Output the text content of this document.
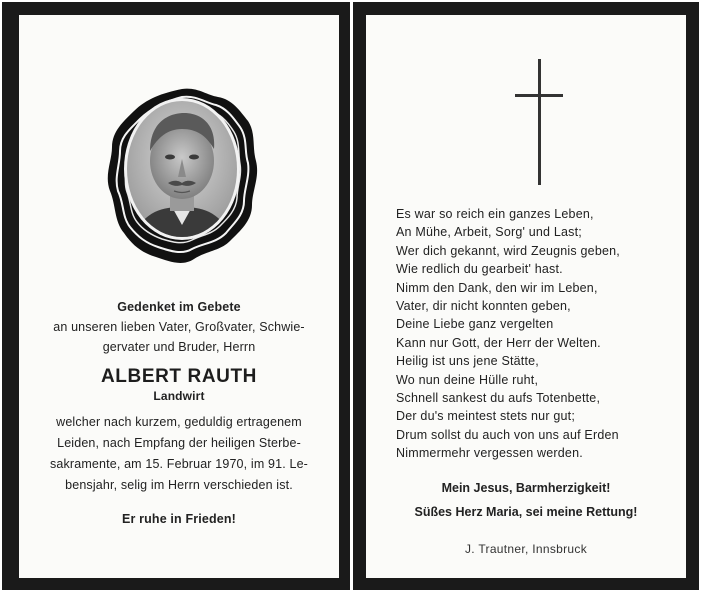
Gedenket im Gebete
an unseren lieben Vater, Großvater, Schwie-
gervater und Bruder, Herrn
ALBERT RAUTH
Landwirt
welcher nach kurzem, geduldig ertragenem
Leiden, nach Empfang der heiligen Sterbe-
sakramente, am 15. Februar 1970, im 91. Le-
bensjahr, selig im Herrn verschieden ist.
Er ruhe in Frieden!
Es war so reich ein ganzes Leben,
An Mühe, Arbeit, Sorg' und Last;
Wer dich gekannt, wird Zeugnis geben,
Wie redlich du gearbeit' hast.
Nimm den Dank, den wir im Leben,
Vater, dir nicht konnten geben,
Deine Liebe ganz vergelten
Kann nur Gott, der Herr der Welten.
Heilig ist uns jene Stätte,
Wo nun deine Hülle ruht,
Schnell sankest du aufs Totenbette,
Der du's meintest stets nur gut;
Drum sollst du auch von uns auf Erden
Nimmermehr vergessen werden.
Mein Jesus, Barmherzigkeit!
Süßes Herz Maria, sei meine Rettung!
J. Trautner, Innsbruck
